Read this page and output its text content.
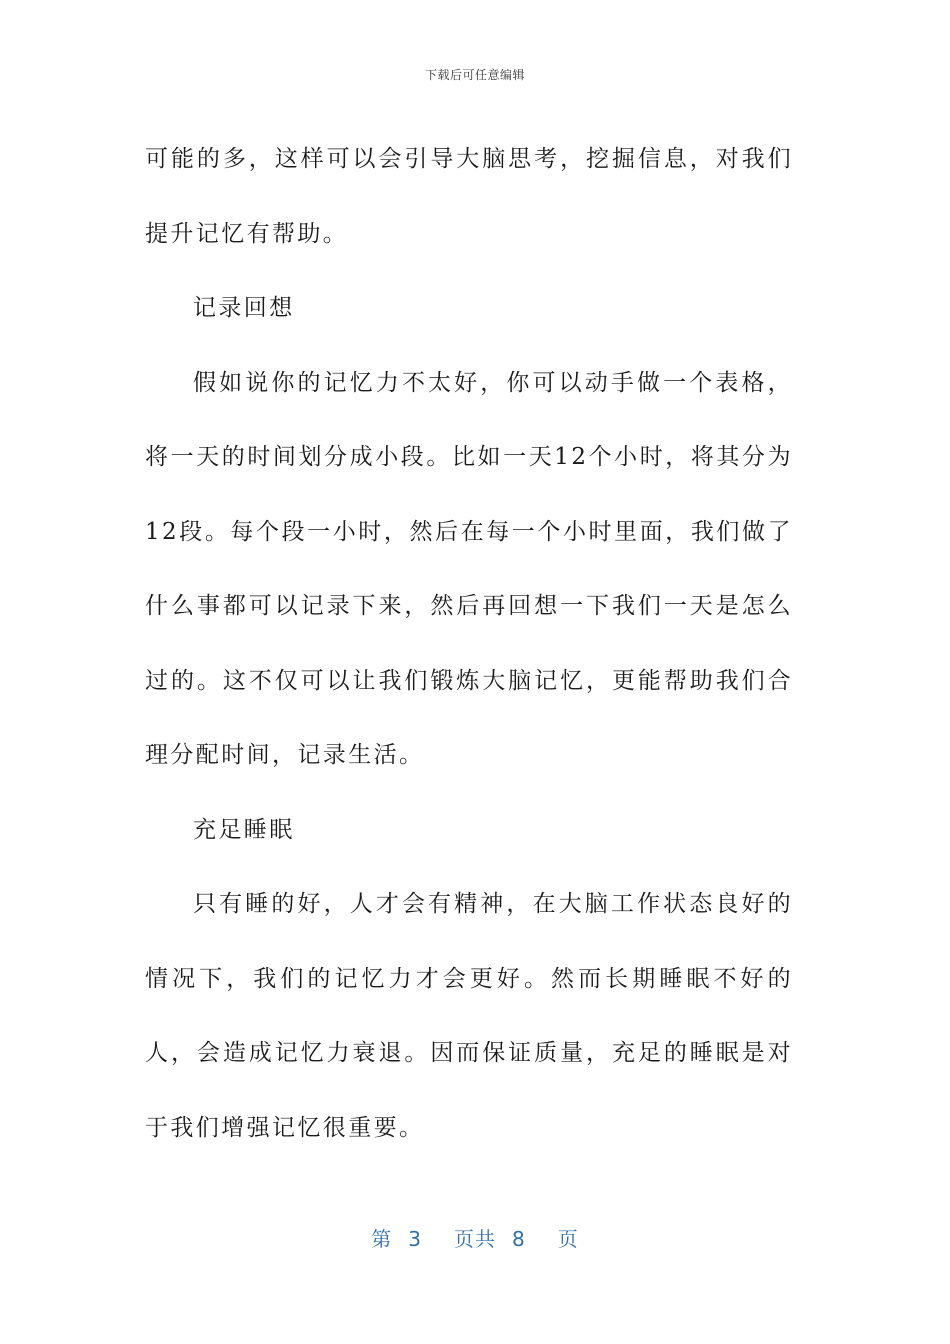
下载后可任意编辑

可能的多，这样可以会引导大脑思考，挖掘信息，对我们提升记忆有帮助。

记录回想

假如说你的记忆力不太好，你可以动手做一个表格，将一天的时间划分成小段。比如一天12个小时，将其分为12段。每个段一小时，然后在每一个小时里面，我们做了什么事都可以记录下来，然后再回想一下我们一天是怎么过的。这不仅可以让我们锻炼大脑记忆，更能帮助我们合理分配时间，记录生活。

充足睡眠

只有睡的好，人才会有精神，在大脑工作状态良好的情况下，我们的记忆力才会更好。然而长期睡眠不好的人，会造成记忆力衰退。因而保证质量，充足的睡眠是对于我们增强记忆很重要。

第 3 页共 8 页
